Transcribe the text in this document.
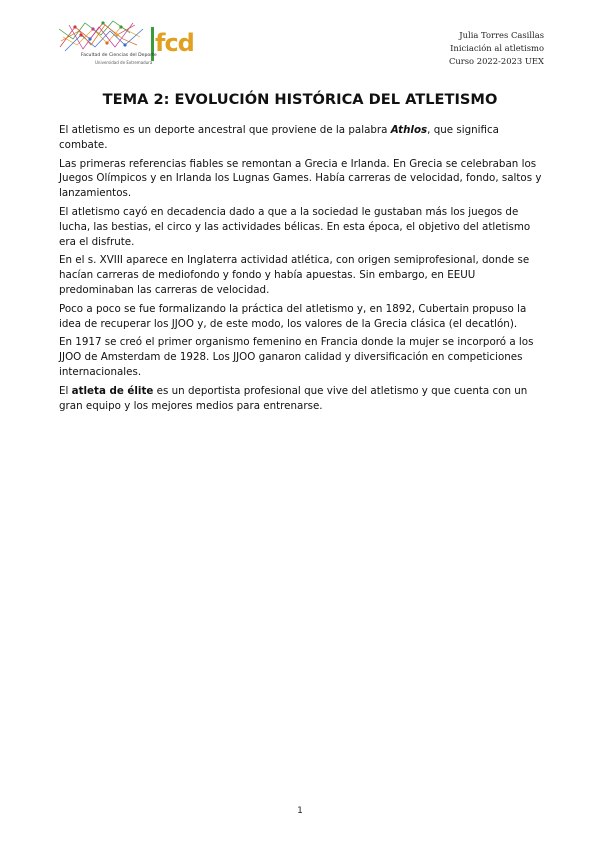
fcd
Facultad de Ciencias del Deporte
Universidad de Extremadura
Julia Torres Casillas
Iniciación al atletismo
Curso 2022-2023 UEX
TEMA 2: EVOLUCIÓN HISTÓRICA DEL ATLETISMO

El atletismo es un deporte ancestral que proviene de la palabra Athlos, que significa combate.

Las primeras referencias fiables se remontan a Grecia e Irlanda. En Grecia se celebraban los Juegos Olímpicos y en Irlanda los Lugnas Games. Había carreras de velocidad, fondo, saltos y lanzamientos.

El atletismo cayó en decadencia dado a que a la sociedad le gustaban más los juegos de lucha, las bestias, el circo y las actividades bélicas. En esta época, el objetivo del atletismo era el disfrute.

En el s. XVIII aparece en Inglaterra actividad atlética, con origen semiprofesional, donde se hacían carreras de mediofondo y fondo y había apuestas. Sin embargo, en EEUU predominaban las carreras de velocidad.

Poco a poco se fue formalizando la práctica del atletismo y, en 1892, Cubertain propuso la idea de recuperar los JJOO y, de este modo, los valores de la Grecia clásica (el decatlón).

En 1917 se creó el primer organismo femenino en Francia donde la mujer se incorporó a los JJOO de Amsterdam de 1928. Los JJOO ganaron calidad y diversificación en competiciones internacionales.

El atleta de élite es un deportista profesional que vive del atletismo y que cuenta con un gran equipo y los mejores medios para entrenarse.

1
